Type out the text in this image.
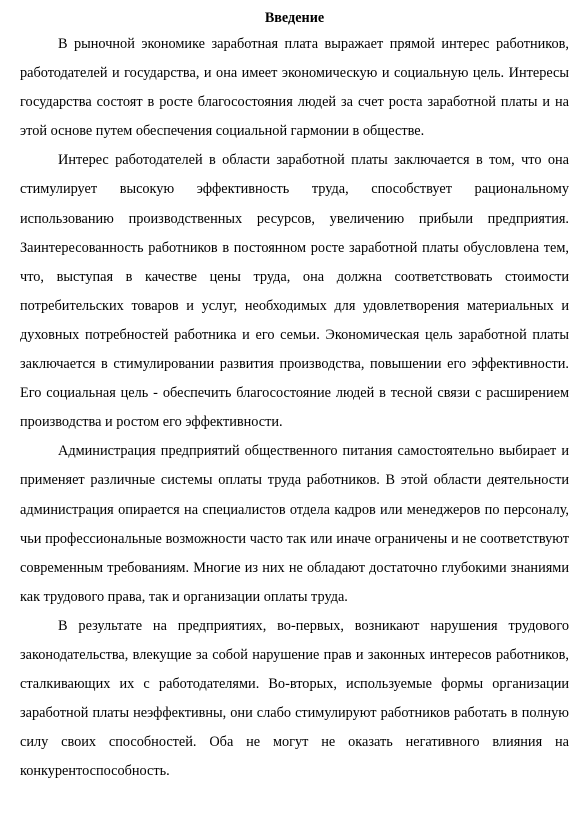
Введение

В рыночной экономике заработная плата выражает прямой интерес работников, работодателей и государства, и она имеет экономическую и социальную цель. Интересы государства состоят в росте благосостояния людей за счет роста заработной платы и на этой основе путем обеспечения социальной гармонии в обществе.

Интерес работодателей в области заработной платы заключается в том, что она стимулирует высокую эффективность труда, способствует рациональному использованию производственных ресурсов, увеличению прибыли предприятия. Заинтересованность работников в постоянном росте заработной платы обусловлена тем, что, выступая в качестве цены труда, она должна соответствовать стоимости потребительских товаров и услуг, необходимых для удовлетворения материальных и духовных потребностей работника и его семьи. Экономическая цель заработной платы заключается в стимулировании развития производства, повышении его эффективности. Его социальная цель - обеспечить благосостояние людей в тесной связи с расширением производства и ростом его эффективности.

Администрация предприятий общественного питания самостоятельно выбирает и применяет различные системы оплаты труда работников. В этой области деятельности администрация опирается на специалистов отдела кадров или менеджеров по персоналу, чьи профессиональные возможности часто так или иначе ограничены и не соответствуют современным требованиям. Многие из них не обладают достаточно глубокими знаниями как трудового права, так и организации оплаты труда.

В результате на предприятиях, во-первых, возникают нарушения трудового законодательства, влекущие за собой нарушение прав и законных интересов работников, сталкивающих их с работодателями. Во-вторых, используемые формы организации заработной платы неэффективны, они слабо стимулируют работников работать в полную силу своих способностей. Оба не могут не оказать негативного влияния на конкурентоспособность.
